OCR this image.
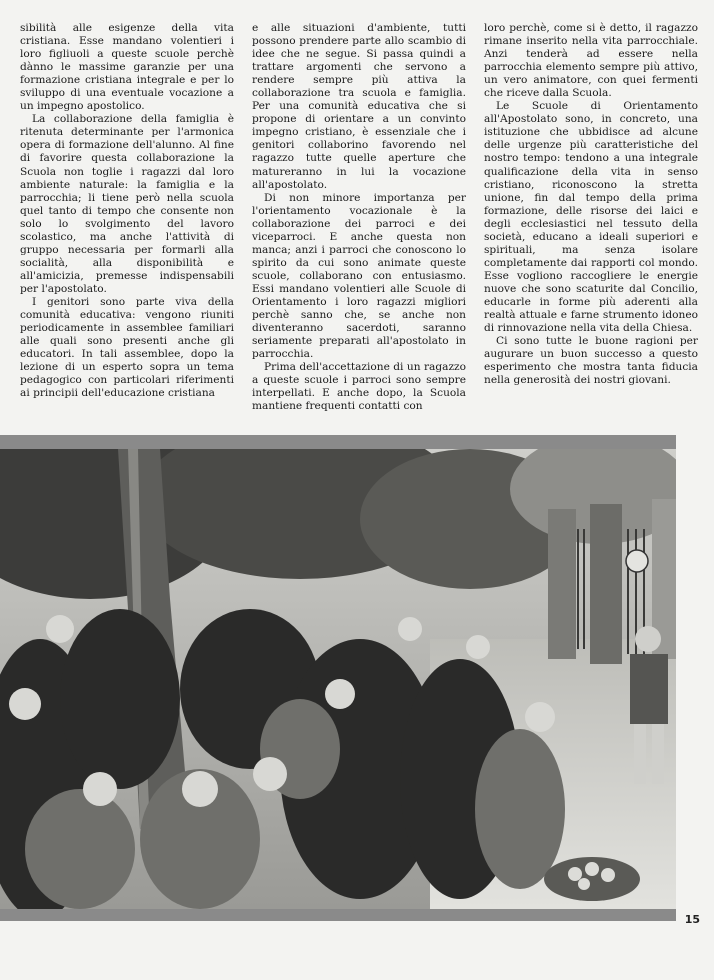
sibilità alle esigenze della vita cristiana. Esse mandano volentieri i loro figliuoli a queste scuole perchè dànno le massime garanzie per una formazione cristiana integrale e per lo sviluppo di una eventuale vocazione a un impegno apostolico.

La collaborazione della famiglia è ritenuta determinante per l'armonica opera di formazione dell'alunno. Al fine di favorire questa collaborazione la Scuola non toglie i ragazzi dal loro ambiente naturale: la famiglia e la parrocchia; li tiene però nella scuola quel tanto di tempo che consente non solo lo svolgimento del lavoro scolastico, ma anche l'attività di gruppo necessaria per formarli alla socialità, alla disponibilità e all'amicizia, premesse indispensabili per l'apostolato.

I genitori sono parte viva della comunità educativa: vengono riuniti periodicamente in assemblee familiari alle quali sono presenti anche gli educatori. In tali assemblee, dopo la lezione di un esperto sopra un tema pedagogico con particolari riferimenti ai principii dell'educazione cristiana

e alle situazioni d'ambiente, tutti possono prendere parte allo scambio di idee che ne segue. Si passa quindi a trattare argomenti che servono a rendere sempre più attiva la collaborazione tra scuola e famiglia. Per una comunità educativa che si propone di orientare a un convinto impegno cristiano, è essenziale che i genitori collaborino favorendo nel ragazzo tutte quelle aperture che matureranno in lui la vocazione all'apostolato.

Di non minore importanza per l'orientamento vocazionale è la collaborazione dei parroci e dei viceparroci. E anche questa non manca; anzi i parroci che conoscono lo spirito da cui sono animate queste scuole, collaborano con entusiasmo. Essi mandano volentieri alle Scuole di Orientamento i loro ragazzi migliori perchè sanno che, se anche non diventeranno sacerdoti, saranno seriamente preparati all'apostolato in parrocchia.

Prima dell'accettazione di un ragazzo a queste scuole i parroci sono sempre interpellati. E anche dopo, la Scuola mantiene frequenti contatti con

loro perchè, come si è detto, il ragazzo rimane inserito nella vita parrocchiale. Anzi tenderà ad essere nella parrocchia elemento sempre più attivo, un vero animatore, con quei fermenti che riceve dalla Scuola.

Le Scuole di Orientamento all'Apostolato sono, in concreto, una istituzione che ubbidisce ad alcune delle urgenze più caratteristiche del nostro tempo: tendono a una integrale qualificazione della vita in senso cristiano, riconoscono la stretta unione, fin dal tempo della prima formazione, delle risorse dei laici e degli ecclesiastici nel tessuto della società, educano a ideali superiori e spirituali, ma senza isolare completamente dai rapporti col mondo. Esse vogliono raccogliere le energie nuove che sono scaturite dal Concilio, educarle in forme più aderenti alla realtà attuale e farne strumento idoneo di rinnovazione nella vita della Chiesa.

Ci sono tutte le buone ragioni per augurare un buon successo a questo esperimento che mostra tanta fiducia nella generosità dei nostri giovani.

15
